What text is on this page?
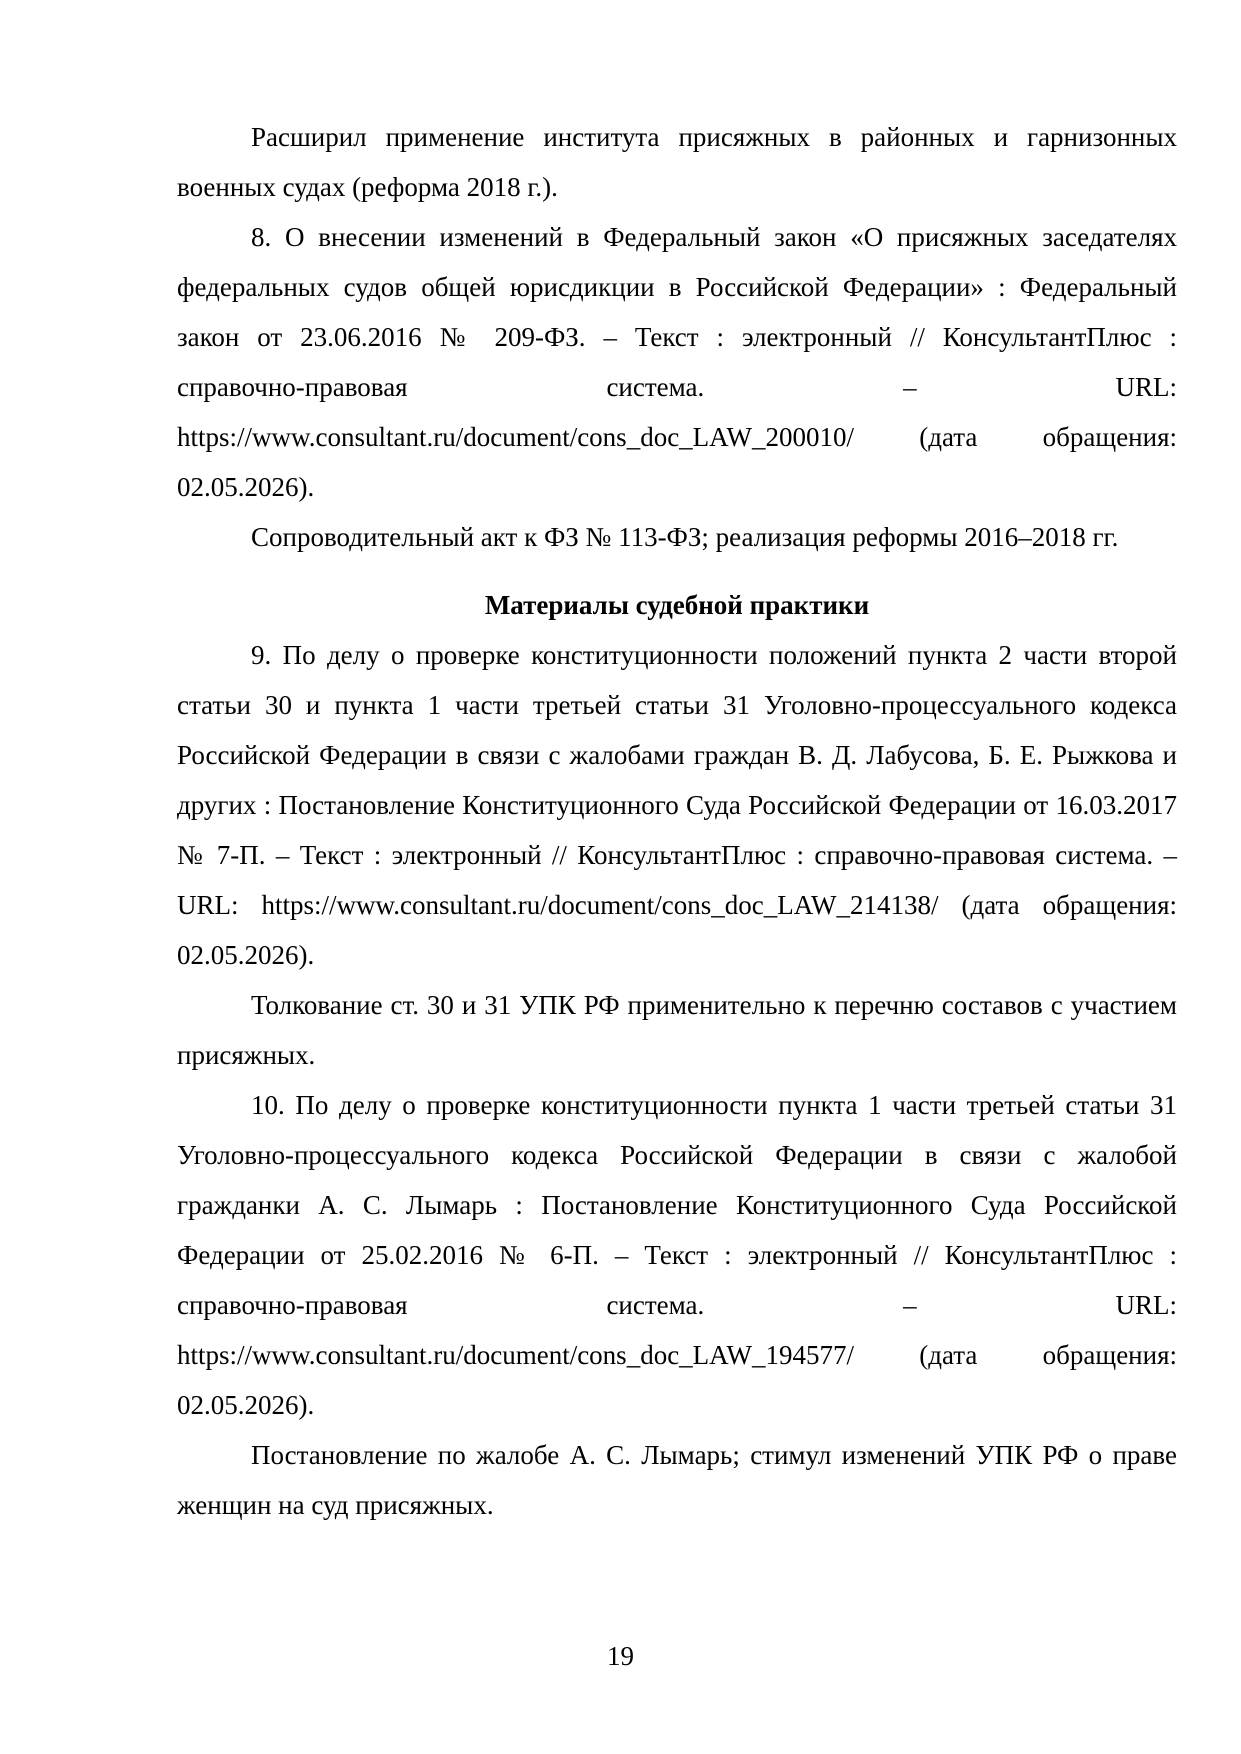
Расширил применение института присяжных в районных и гарнизонных военных судах (реформа 2018 г.).

8. О внесении изменений в Федеральный закон «О присяжных заседателях федеральных судов общей юрисдикции в Российской Федерации» : Федеральный закон от 23.06.2016 № 209-ФЗ. – Текст : электронный // КонсультантПлюс : справочно-правовая система. – URL: https://www.consultant.ru/document/cons_doc_LAW_200010/ (дата обращения: 02.05.2026).

Сопроводительный акт к ФЗ № 113-ФЗ; реализация реформы 2016–2018 гг.

Материалы судебной практики

9. По делу о проверке конституционности положений пункта 2 части второй статьи 30 и пункта 1 части третьей статьи 31 Уголовно-процессуального кодекса Российской Федерации в связи с жалобами граждан В. Д. Лабусова, Б. Е. Рыжкова и других : Постановление Конституционного Суда Российской Федерации от 16.03.2017 № 7-П. – Текст : электронный // КонсультантПлюс : справочно-правовая система. – URL: https://www.consultant.ru/document/cons_doc_LAW_214138/ (дата обращения: 02.05.2026).

Толкование ст. 30 и 31 УПК РФ применительно к перечню составов с участием присяжных.

10. По делу о проверке конституционности пункта 1 части третьей статьи 31 Уголовно-процессуального кодекса Российской Федерации в связи с жалобой гражданки А. С. Лымарь : Постановление Конституционного Суда Российской Федерации от 25.02.2016 № 6-П. – Текст : электронный // КонсультантПлюс : справочно-правовая система. – URL: https://www.consultant.ru/document/cons_doc_LAW_194577/ (дата обращения: 02.05.2026).

Постановление по жалобе А. С. Лымарь; стимул изменений УПК РФ о праве женщин на суд присяжных.

19
